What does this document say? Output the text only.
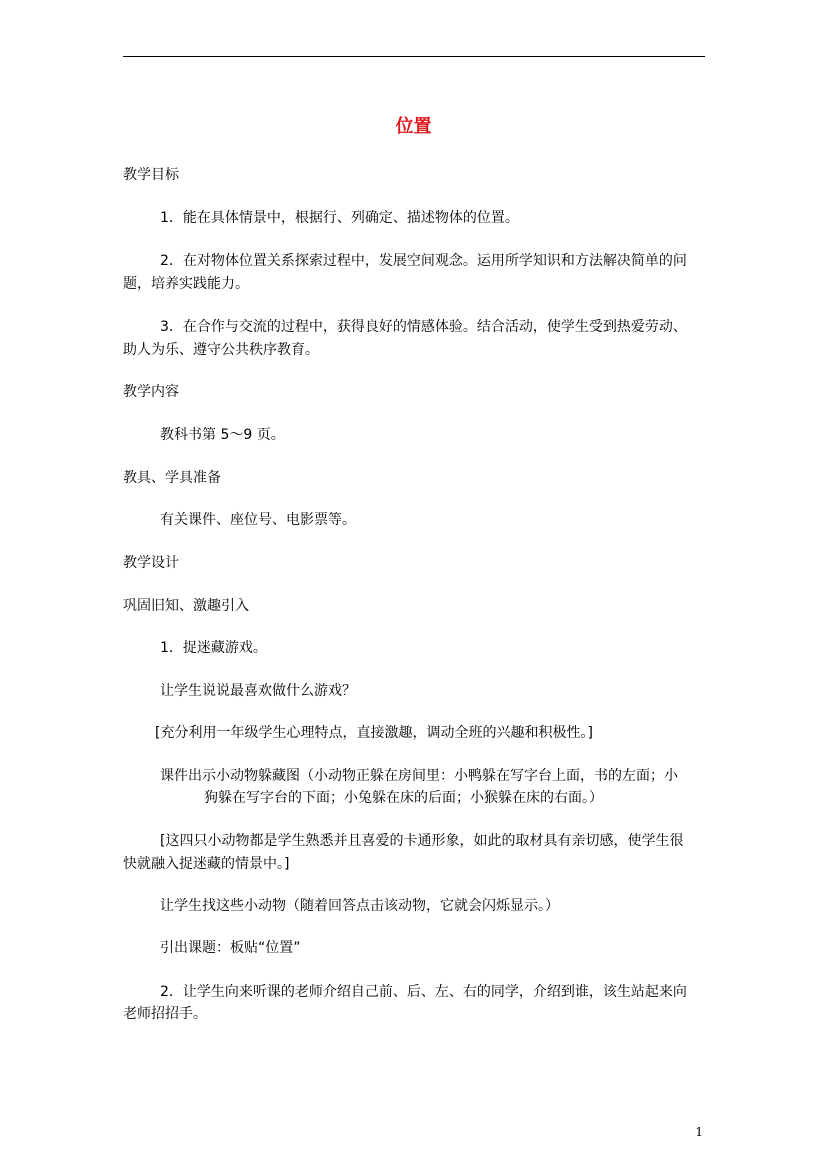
位置
教学目标
1．能在具体情景中，根据行、列确定、描述物体的位置。
2．在对物体位置关系探索过程中，发展空间观念。运用所学知识和方法解决简单的问
题，培养实践能力。
3．在合作与交流的过程中，获得良好的情感体验。结合活动，使学生受到热爱劳动、
助人为乐、遵守公共秩序教育。
教学内容
教科书第 5～9 页。
教具、学具准备
有关课件、座位号、电影票等。
教学设计
巩固旧知、激趣引入
1．捉迷藏游戏。
让学生说说最喜欢做什么游戏？
[充分利用一年级学生心理特点，直接激趣，调动全班的兴趣和积极性。]
课件出示小动物躲藏图（小动物正躲在房间里：小鸭躲在写字台上面，书的左面；小
狗躲在写字台的下面；小兔躲在床的后面；小猴躲在床的右面。）
[这四只小动物都是学生熟悉并且喜爱的卡通形象，如此的取材具有亲切感，使学生很
快就融入捉迷藏的情景中。]
让学生找这些小动物（随着回答点击该动物，它就会闪烁显示。）
引出课题：板贴“位置”
2．让学生向来听课的老师介绍自己前、后、左、右的同学，介绍到谁，该生站起来向
老师招招手。
1
